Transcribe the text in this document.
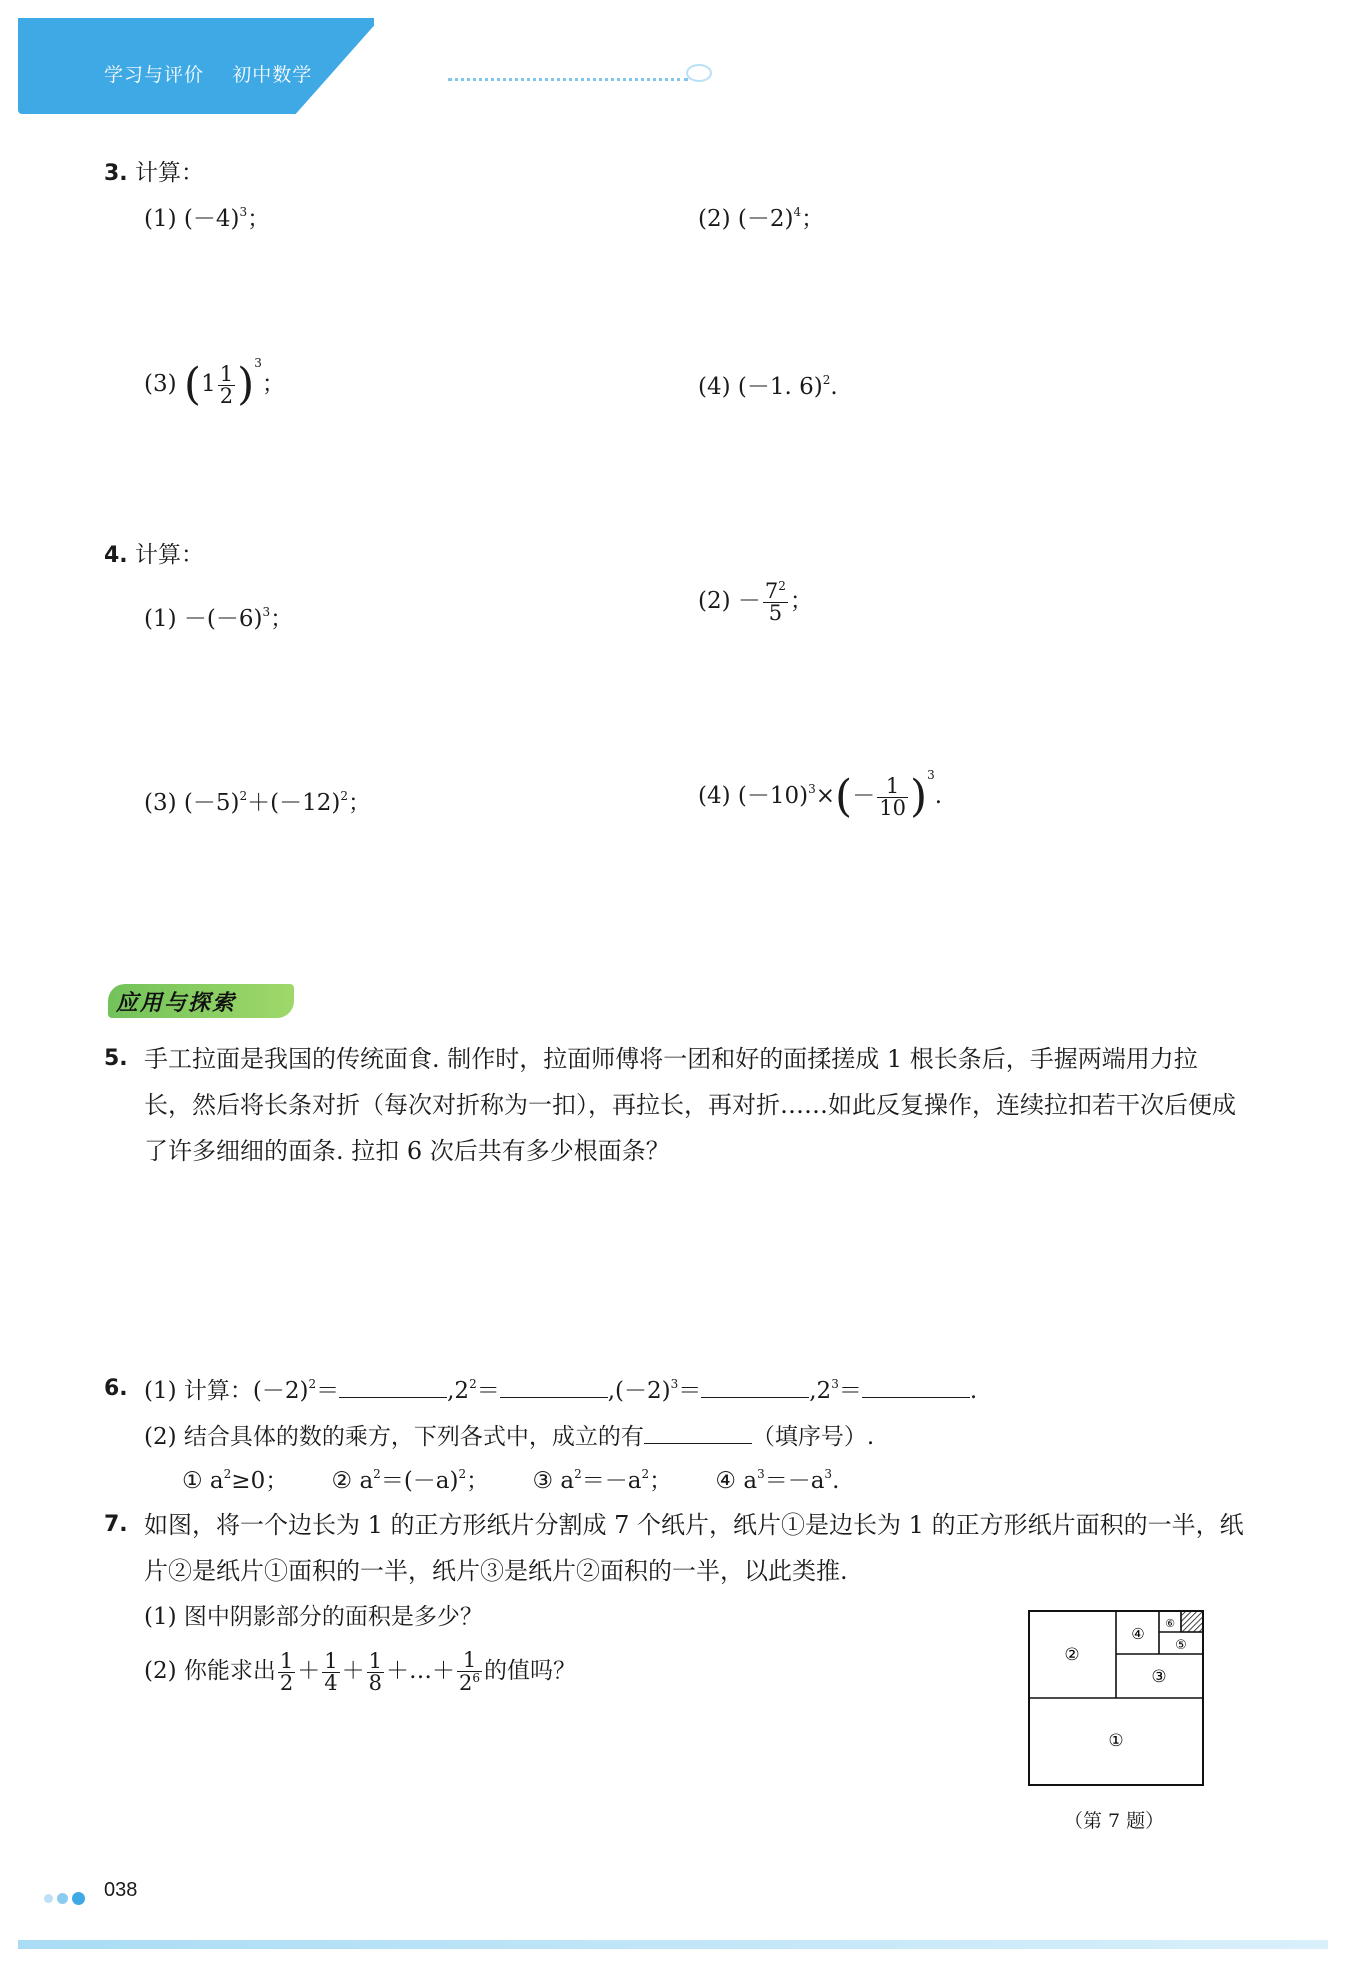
学习与评价 初中数学 七年级上册
3. 计算：
(1) $(-4)^3$；	(2) $(-2)^4$；
(3) $(1 \frac{1}{2} )^3$；	(4) (－1. 6)$^2$.
4. 计算：
$(1) -(-6)^3$；
$(2) - \frac{7^2}{5}$ ；
(3) $(-5)^2+(-12)^2$；	(4) $(-10)^3\times(- \frac{1}{10} )^3$.
应用与探索
5. 手工拉面是我国的传统面食. 制作时，拉面师傅将一团和好的面揉搓成 1 根长条后，手握两端用力拉长，然后将长条对折（每次对折称为一扣），再拉长，再对折……如此反复操作，连续拉扣若干次后便成了许多细细的面条. 拉扣 6 次后共有多少根面条？
6. (1) 计算：$(-2)^2=$	$,2^2=$	$,(-2)^3=$	$,2^3=$	.
(2) 结合具体的数的乘方，下列各式中，成立的有	（填序号）.
① $a^2\ge 0$； ② $a^2=(-a)^2$； ③ $a^2=-a^2$； ④ $a^3=-a^3$.
7. 如图，将一个边长为 1 的正方形纸片分割成 7 个纸片，纸片①是边长为 1 的正方形纸片面积的一半，纸片②是纸片①面积的一半，纸片③是纸片②面积的一半，以此类推.
(1) 图中阴影部分的面积是多少？
(2) 你能求出 $\frac{1}{2} + \frac{1}{4} + \frac{1}{8}$ ＋…＋ $\frac{1}{2^6}$ 的值吗？
①
②
③
④
⑤
⑥
（第 7 题）
038
